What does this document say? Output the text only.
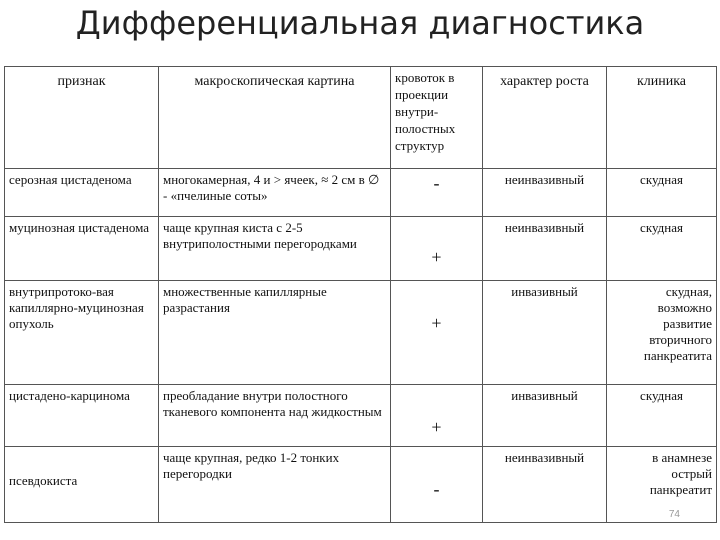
Дифференциальная диагностика
признак	макроскопическая картина	кровоток в проекции внутри-полостных структур	характер роста	клиника
серозная цистаденома	многокамерная, 4 и > ячеек, ≈ 2 см в ∅ - «пчелиные соты»	-	неинвазивный	скудная
муцинозная цистаденома	чаще крупная киста с 2-5 внутриполостными перегородками	+	неинвазивный	скудная
внутрипротоко-вая капиллярно-муцинозная опухоль	множественные капиллярные разрастания	+	инвазивный	скудная, возможно развитие вторичного панкреатита
цистадено-карцинома	преобладание внутри полостного тканевого компонента над жидкостным	+	инвазивный	скудная
псевдокиста	чаще крупная, редко 1-2 тонких перегородки	-	неинвазивный	в анамнезе острый панкреатит
74
